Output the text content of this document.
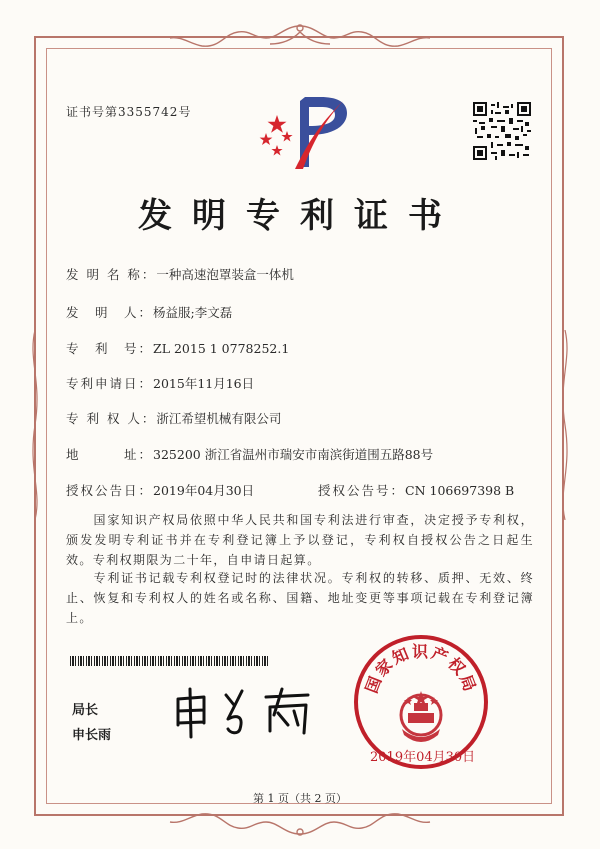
证书号第3355742号
发明专利证书
发 明 名 称：一种高速泡罩装盒一体机
发　明　人：杨益服;李文磊
专　利　号：ZL 2015 1 0778252.1
专利申请日：2015年11月16日
专 利 权 人：浙江希望机械有限公司
地　　　址：325200 浙江省温州市瑞安市南滨街道围五路88号
授权公告日：2019年04月30日	授权公告号：CN 106697398 B
　　国家知识产权局依照中华人民共和国专利法进行审查，决定授予专利权，颁发发明专利证书并在专利登记簿上予以登记，专利权自授权公告之日起生效。专利权期限为二十年，自申请日起算。
　　专利证书记载专利权登记时的法律状况。专利权的转移、质押、无效、终止、恢复和专利权人的姓名或名称、国籍、地址变更等事项记载在专利登记簿上。
局长
申长雨
国家知识产权局
2019年04月30日
第 1 页（共 2 页）
